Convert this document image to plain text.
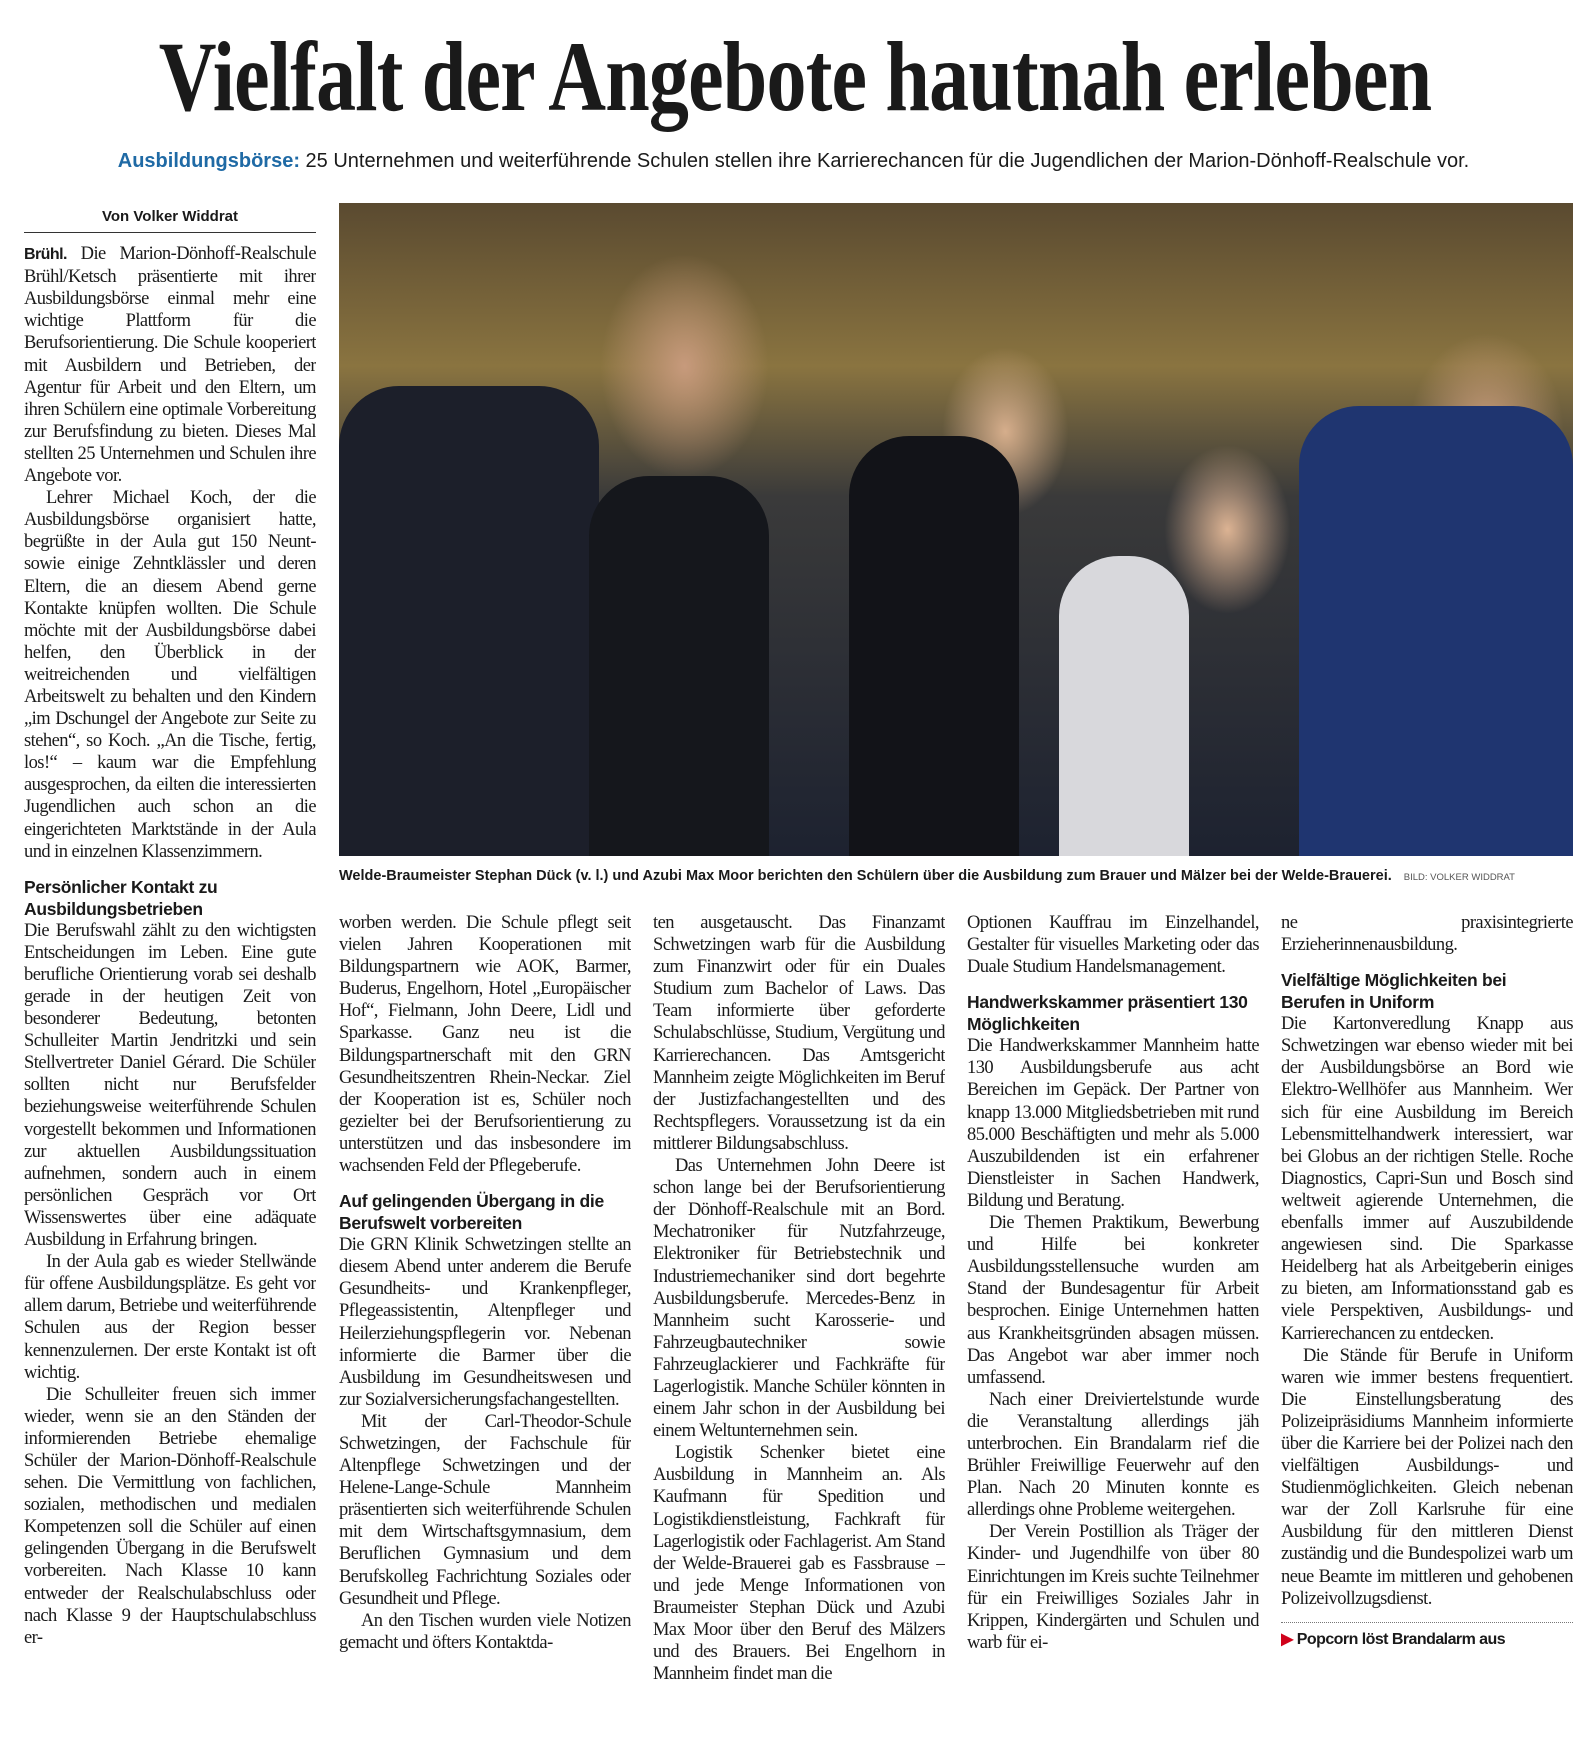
Vielfalt der Angebote hautnah erleben
Ausbildungsbörse: 25 Unternehmen und weiterführende Schulen stellen ihre Karrierechancen für die Jugendlichen der Marion-Dönhoff-Realschule vor.
Welde-Braumeister Stephan Dück (v. l.) und Azubi Max Moor berichten den Schülern über die Ausbildung zum Brauer und Mälzer bei der Welde-Brauerei. BILD: VOLKER WIDDRAT
Von Volker Widdrat

Brühl. Die Marion-Dönhoff-Realschule Brühl/Ketsch präsentierte mit ihrer Ausbildungsbörse einmal mehr eine wichtige Plattform für die Berufsorientierung. Die Schule kooperiert mit Ausbildern und Betrieben, der Agentur für Arbeit und den Eltern, um ihren Schülern eine optimale Vorbereitung zur Berufsfindung zu bieten. Dieses Mal stellten 25 Unternehmen und Schulen ihre Angebote vor.

Lehrer Michael Koch, der die Ausbildungsbörse organisiert hatte, begrüßte in der Aula gut 150 Neunt- sowie einige Zehntklässler und deren Eltern, die an diesem Abend gerne Kontakte knüpfen wollten. Die Schule möchte mit der Ausbildungsbörse dabei helfen, den Überblick in der weitreichenden und vielfältigen Arbeitswelt zu behalten und den Kindern „im Dschungel der Angebote zur Seite zu stehen“, so Koch. „An die Tische, fertig, los!“ – kaum war die Empfehlung ausgesprochen, da eilten die interessierten Jugendlichen auch schon an die eingerichteten Marktstände in der Aula und in einzelnen Klassenzimmern.

Persönlicher Kontakt zu Ausbildungsbetrieben

Die Berufswahl zählt zu den wichtigsten Entscheidungen im Leben. Eine gute berufliche Orientierung vorab sei deshalb gerade in der heutigen Zeit von besonderer Bedeutung, betonten Schulleiter Martin Jendritzki und sein Stellvertreter Daniel Gérard. Die Schüler sollten nicht nur Berufsfelder beziehungsweise weiterführende Schulen vorgestellt bekommen und Informationen zur aktuellen Ausbildungssituation aufnehmen, sondern auch in einem persönlichen Gespräch vor Ort Wissenswertes über eine adäquate Ausbildung in Erfahrung bringen.

In der Aula gab es wieder Stellwände für offene Ausbildungsplätze. Es geht vor allem darum, Betriebe und weiterführende Schulen aus der Region besser kennenzulernen. Der erste Kontakt ist oft wichtig.

Die Schulleiter freuen sich immer wieder, wenn sie an den Ständen der informierenden Betriebe ehemalige Schüler der Marion-Dönhoff-Realschule sehen. Die Vermittlung von fachlichen, sozialen, methodischen und medialen Kompetenzen soll die Schüler auf einen gelingenden Übergang in die Berufswelt vorbereiten. Nach Klasse 10 kann entweder der Realschulabschluss oder nach Klasse 9 der Hauptschulabschluss er-

worben werden. Die Schule pflegt seit vielen Jahren Kooperationen mit Bildungspartnern wie AOK, Barmer, Buderus, Engelhorn, Hotel „Europäischer Hof“, Fielmann, John Deere, Lidl und Sparkasse. Ganz neu ist die Bildungspartnerschaft mit den GRN Gesundheitszentren Rhein-Neckar. Ziel der Kooperation ist es, Schüler noch gezielter bei der Berufsorientierung zu unterstützen und das insbesondere im wachsenden Feld der Pflegeberufe.

Auf gelingenden Übergang in die Berufswelt vorbereiten

Die GRN Klinik Schwetzingen stellte an diesem Abend unter anderem die Berufe Gesundheits- und Krankenpfleger, Pflegeassistentin, Altenpfleger und Heilerziehungspflegerin vor. Nebenan informierte die Barmer über die Ausbildung im Gesundheitswesen und zur Sozialversicherungsfachangestellten.

Mit der Carl-Theodor-Schule Schwetzingen, der Fachschule für Altenpflege Schwetzingen und der Helene-Lange-Schule Mannheim präsentierten sich weiterführende Schulen mit dem Wirtschaftsgymnasium, dem Beruflichen Gymnasium und dem Berufskolleg Fachrichtung Soziales oder Gesundheit und Pflege.

An den Tischen wurden viele Notizen gemacht und öfters Kontaktda-

ten ausgetauscht. Das Finanzamt Schwetzingen warb für die Ausbildung zum Finanzwirt oder für ein Duales Studium zum Bachelor of Laws. Das Team informierte über geforderte Schulabschlüsse, Studium, Vergütung und Karrierechancen. Das Amtsgericht Mannheim zeigte Möglichkeiten im Beruf der Justizfachangestellten und des Rechtspflegers. Voraussetzung ist da ein mittlerer Bildungsabschluss.

Das Unternehmen John Deere ist schon lange bei der Berufsorientierung der Dönhoff-Realschule mit an Bord. Mechatroniker für Nutzfahrzeuge, Elektroniker für Betriebstechnik und Industriemechaniker sind dort begehrte Ausbildungsberufe. Mercedes-Benz in Mannheim sucht Karosserie- und Fahrzeugbautechniker sowie Fahrzeuglackierer und Fachkräfte für Lagerlogistik. Manche Schüler könnten in einem Jahr schon in der Ausbildung bei einem Weltunternehmen sein.

Logistik Schenker bietet eine Ausbildung in Mannheim an. Als Kaufmann für Spedition und Logistikdienstleistung, Fachkraft für Lagerlogistik oder Fachlagerist. Am Stand der Welde-Brauerei gab es Fassbrause – und jede Menge Informationen von Braumeister Stephan Dück und Azubi Max Moor über den Beruf des Mälzers und des Brauers. Bei Engelhorn in Mannheim findet man die

Optionen Kauffrau im Einzelhandel, Gestalter für visuelles Marketing oder das Duale Studium Handelsmanagement.

Handwerkskammer präsentiert 130 Möglichkeiten

Die Handwerkskammer Mannheim hatte 130 Ausbildungsberufe aus acht Bereichen im Gepäck. Der Partner von knapp 13.000 Mitgliedsbetrieben mit rund 85.000 Beschäftigten und mehr als 5.000 Auszubildenden ist ein erfahrener Dienstleister in Sachen Handwerk, Bildung und Beratung.

Die Themen Praktikum, Bewerbung und Hilfe bei konkreter Ausbildungsstellensuche wurden am Stand der Bundesagentur für Arbeit besprochen. Einige Unternehmen hatten aus Krankheitsgründen absagen müssen. Das Angebot war aber immer noch umfassend.

Nach einer Dreiviertelstunde wurde die Veranstaltung allerdings jäh unterbrochen. Ein Brandalarm rief die Brühler Freiwillige Feuerwehr auf den Plan. Nach 20 Minuten konnte es allerdings ohne Probleme weitergehen.

Der Verein Postillion als Träger der Kinder- und Jugendhilfe von über 80 Einrichtungen im Kreis suchte Teilnehmer für ein Freiwilliges Soziales Jahr in Krippen, Kindergärten und Schulen und warb für ei-

ne praxisintegrierte Erzieherinnenausbildung.

Vielfältige Möglichkeiten bei Berufen in Uniform

Die Kartonveredlung Knapp aus Schwetzingen war ebenso wieder mit bei der Ausbildungsbörse an Bord wie Elektro-Wellhöfer aus Mannheim. Wer sich für eine Ausbildung im Bereich Lebensmittelhandwerk interessiert, war bei Globus an der richtigen Stelle. Roche Diagnostics, Capri-Sun und Bosch sind weltweit agierende Unternehmen, die ebenfalls immer auf Auszubildende angewiesen sind. Die Sparkasse Heidelberg hat als Arbeitgeberin einiges zu bieten, am Informationsstand gab es viele Perspektiven, Ausbildungs- und Karrierechancen zu entdecken.

Die Stände für Berufe in Uniform waren wie immer bestens frequentiert. Die Einstellungsberatung des Polizeipräsidiums Mannheim informierte über die Karriere bei der Polizei nach den vielfältigen Ausbildungs- und Studienmöglichkeiten. Gleich nebenan war der Zoll Karlsruhe für eine Ausbildung für den mittleren Dienst zuständig und die Bundespolizei warb um neue Beamte im mittleren und gehobenen Polizeivollzugsdienst.

▶ Popcorn löst Brandalarm aus
